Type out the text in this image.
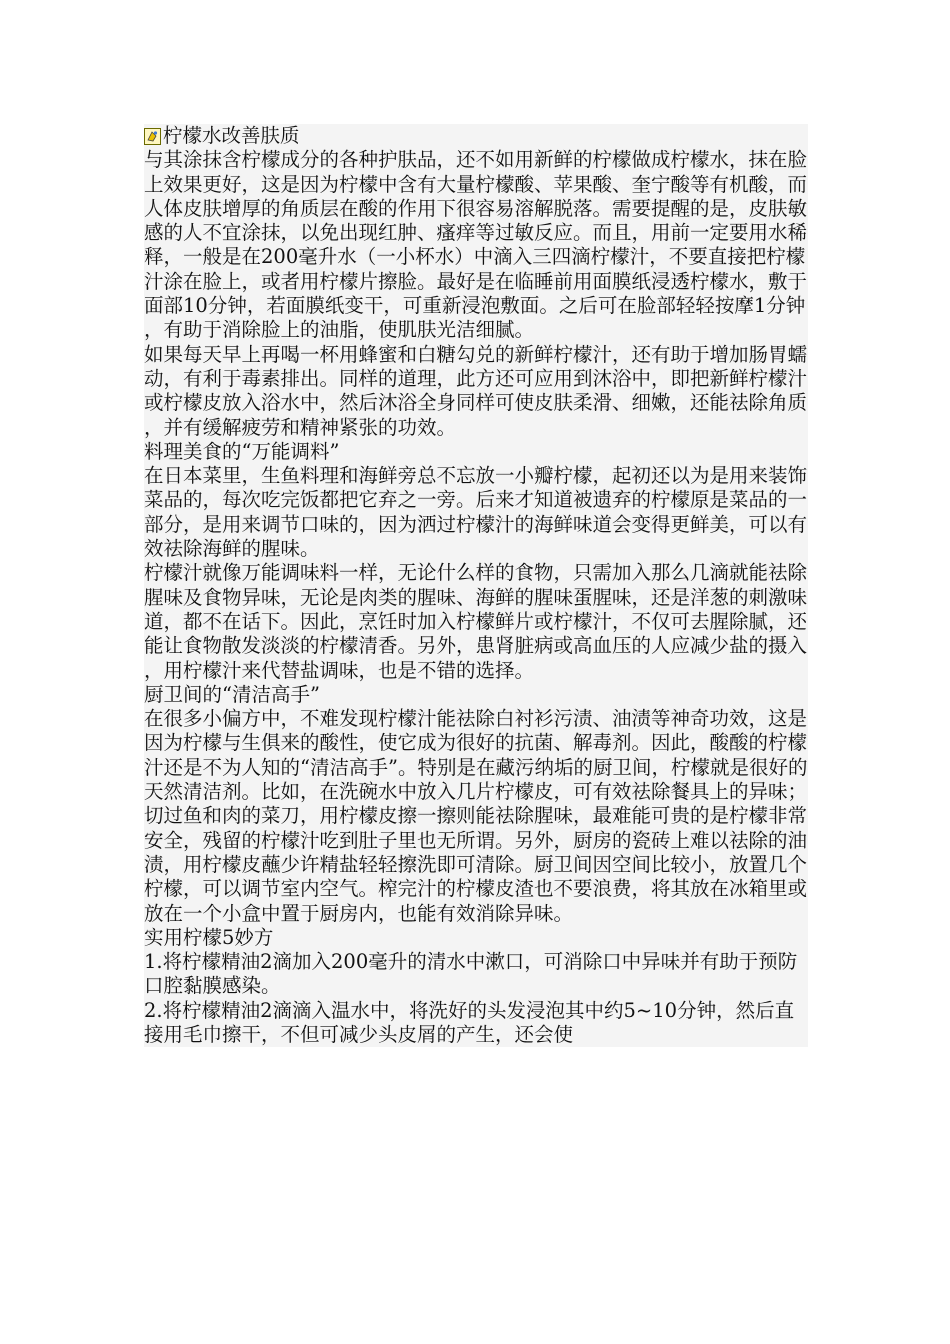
柠檬水改善肤质

与其涂抹含柠檬成分的各种护肤品，还不如用新鲜的柠檬做成柠檬水，抹在脸上效果更好，这是因为柠檬中含有大量柠檬酸、苹果酸、奎宁酸等有机酸，而人体皮肤增厚的角质层在酸的作用下很容易溶解脱落。需要提醒的是，皮肤敏感的人不宜涂抹，以免出现红肿、瘙痒等过敏反应。而且，用前一定要用水稀释，一般是在200毫升水（一小杯水）中滴入三四滴柠檬汁，不要直接把柠檬汁涂在脸上，或者用柠檬片擦脸。最好是在临睡前用面膜纸浸透柠檬水，敷于面部10分钟，若面膜纸变干，可重新浸泡敷面。之后可在脸部轻轻按摩1分钟，有助于消除脸上的油脂，使肌肤光洁细腻。

如果每天早上再喝一杯用蜂蜜和白糖勾兑的新鲜柠檬汁，还有助于增加肠胃蠕动，有利于毒素排出。同样的道理，此方还可应用到沐浴中，即把新鲜柠檬汁或柠檬皮放入浴水中，然后沐浴全身同样可使皮肤柔滑、细嫩，还能祛除角质，并有缓解疲劳和精神紧张的功效。

料理美食的“万能调料”

在日本菜里，生鱼料理和海鲜旁总不忘放一小瓣柠檬，起初还以为是用来装饰菜品的，每次吃完饭都把它弃之一旁。后来才知道被遗弃的柠檬原是菜品的一部分，是用来调节口味的，因为洒过柠檬汁的海鲜味道会变得更鲜美，可以有效祛除海鲜的腥味。

柠檬汁就像万能调味料一样，无论什么样的食物，只需加入那么几滴就能祛除腥味及食物异味，无论是肉类的腥味、海鲜的腥味蛋腥味，还是洋葱的刺激味道，都不在话下。因此，烹饪时加入柠檬鲜片或柠檬汁，不仅可去腥除腻，还能让食物散发淡淡的柠檬清香。另外，患肾脏病或高血压的人应减少盐的摄入，用柠檬汁来代替盐调味，也是不错的选择。

厨卫间的“清洁高手”

在很多小偏方中，不难发现柠檬汁能祛除白衬衫污渍、油渍等神奇功效，这是因为柠檬与生俱来的酸性，使它成为很好的抗菌、解毒剂。因此，酸酸的柠檬汁还是不为人知的“清洁高手”。特别是在藏污纳垢的厨卫间，柠檬就是很好的天然清洁剂。比如，在洗碗水中放入几片柠檬皮，可有效祛除餐具上的异味；切过鱼和肉的菜刀，用柠檬皮擦一擦则能祛除腥味，最难能可贵的是柠檬非常安全，残留的柠檬汁吃到肚子里也无所谓。另外，厨房的瓷砖上难以祛除的油渍，用柠檬皮蘸少许精盐轻轻擦洗即可清除。厨卫间因空间比较小，放置几个柠檬，可以调节室内空气。榨完汁的柠檬皮渣也不要浪费，将其放在冰箱里或放在一个小盒中置于厨房内，也能有效消除异味。

实用柠檬5妙方

1.将柠檬精油2滴加入200毫升的清水中漱口，可消除口中异味并有助于预防口腔黏膜感染。

2.将柠檬精油2滴滴入温水中，将洗好的头发浸泡其中约5~10分钟，然后直接用毛巾擦干，不但可减少头皮屑的产生，还会使
